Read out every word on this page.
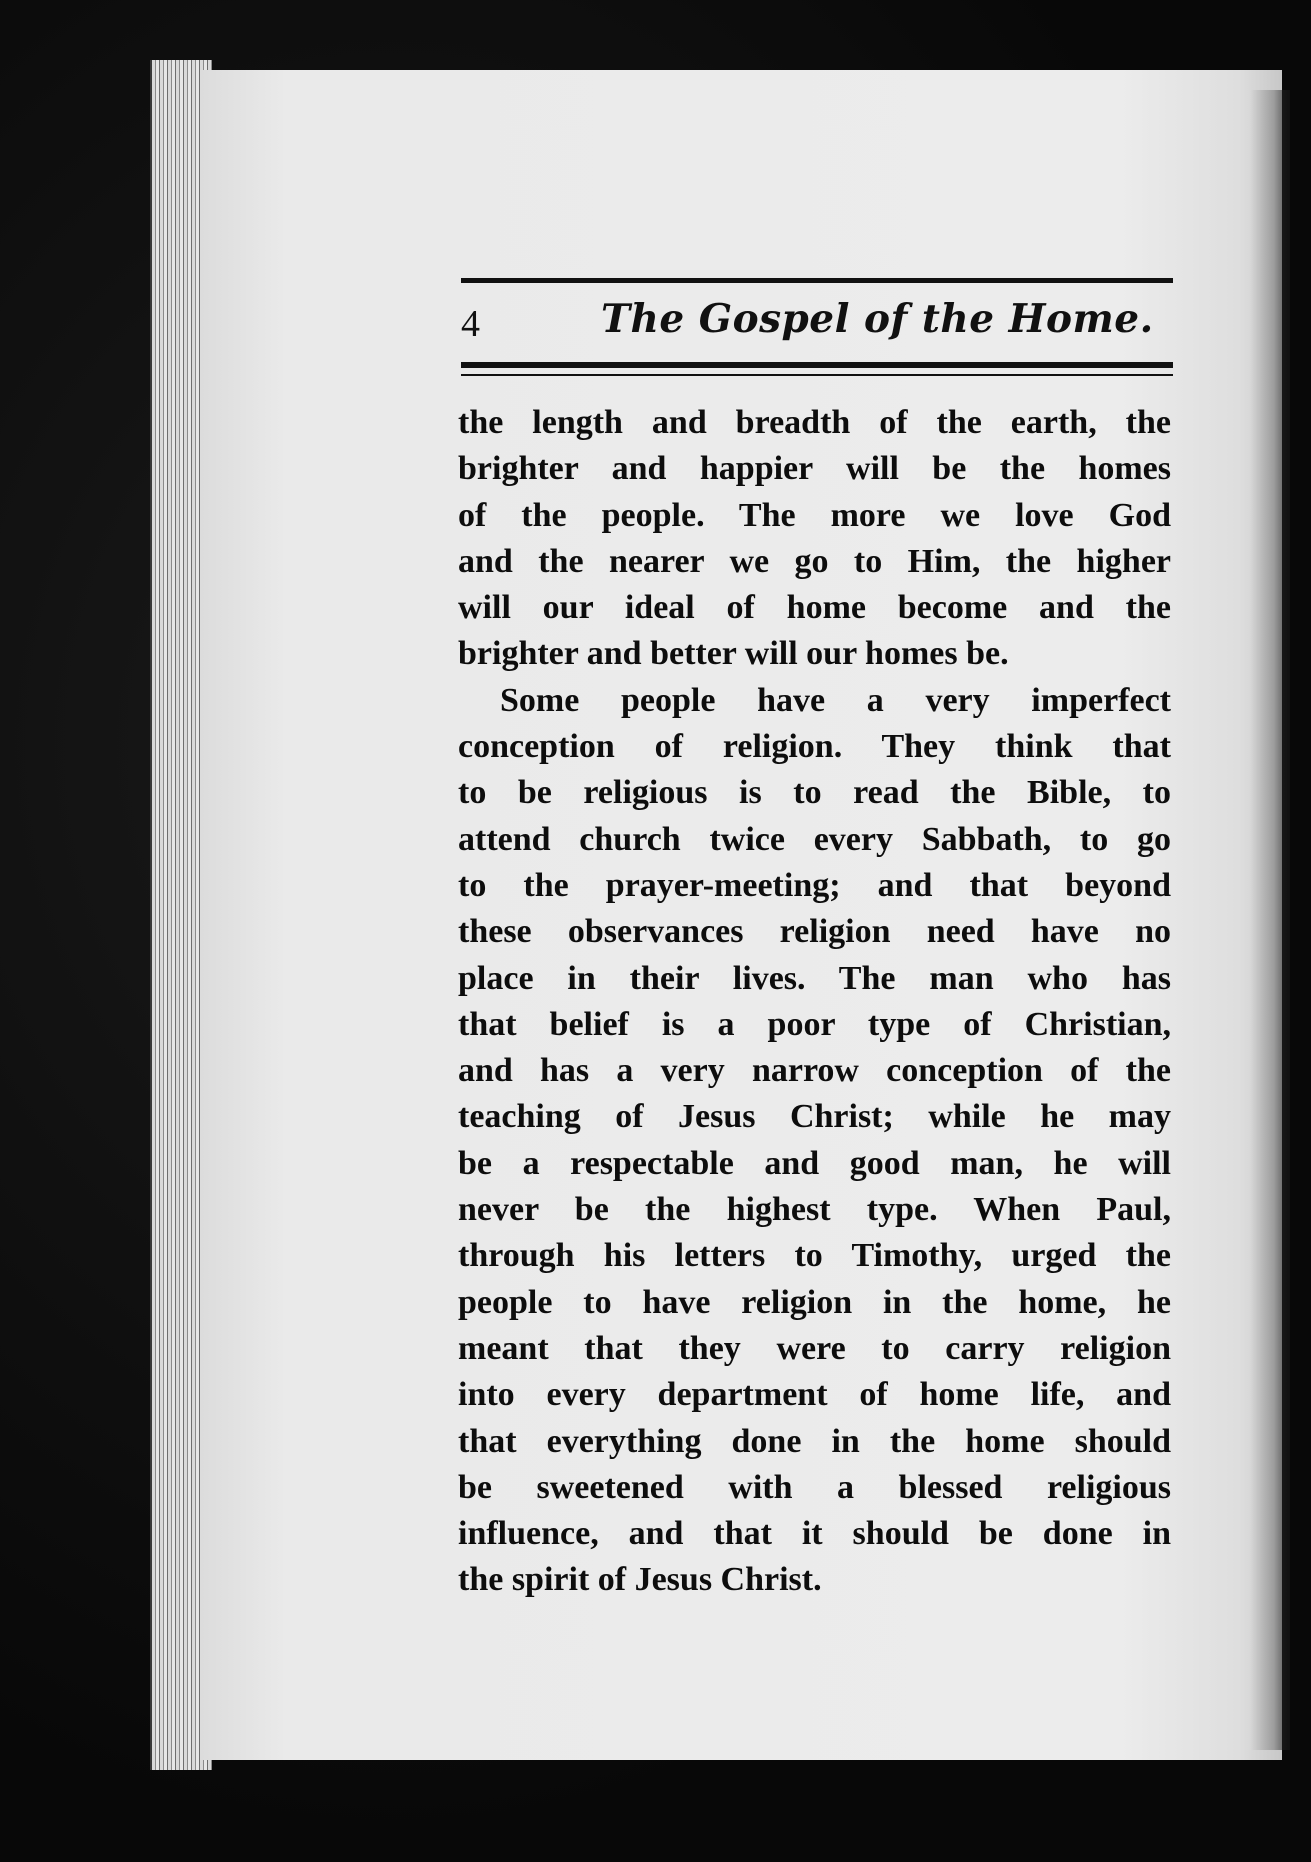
4	The Gospel of the Home.
the length and breadth of the earth, the
brighter and happier will be the homes
of the people. The more we love God
and the nearer we go to Him, the higher
will our ideal of home become and the
brighter and better will our homes be.
Some people have a very imperfect
conception of religion. They think that
to be religious is to read the Bible, to
attend church twice every Sabbath, to go
to the prayer-meeting; and that beyond
these observances religion need have no
place in their lives. The man who has
that belief is a poor type of Christian,
and has a very narrow conception of the
teaching of Jesus Christ; while he may
be a respectable and good man, he will
never be the highest type. When Paul,
through his letters to Timothy, urged the
people to have religion in the home, he
meant that they were to carry religion
into every department of home life, and
that everything done in the home should
be sweetened with a blessed religious
influence, and that it should be done in
the spirit of Jesus Christ.
